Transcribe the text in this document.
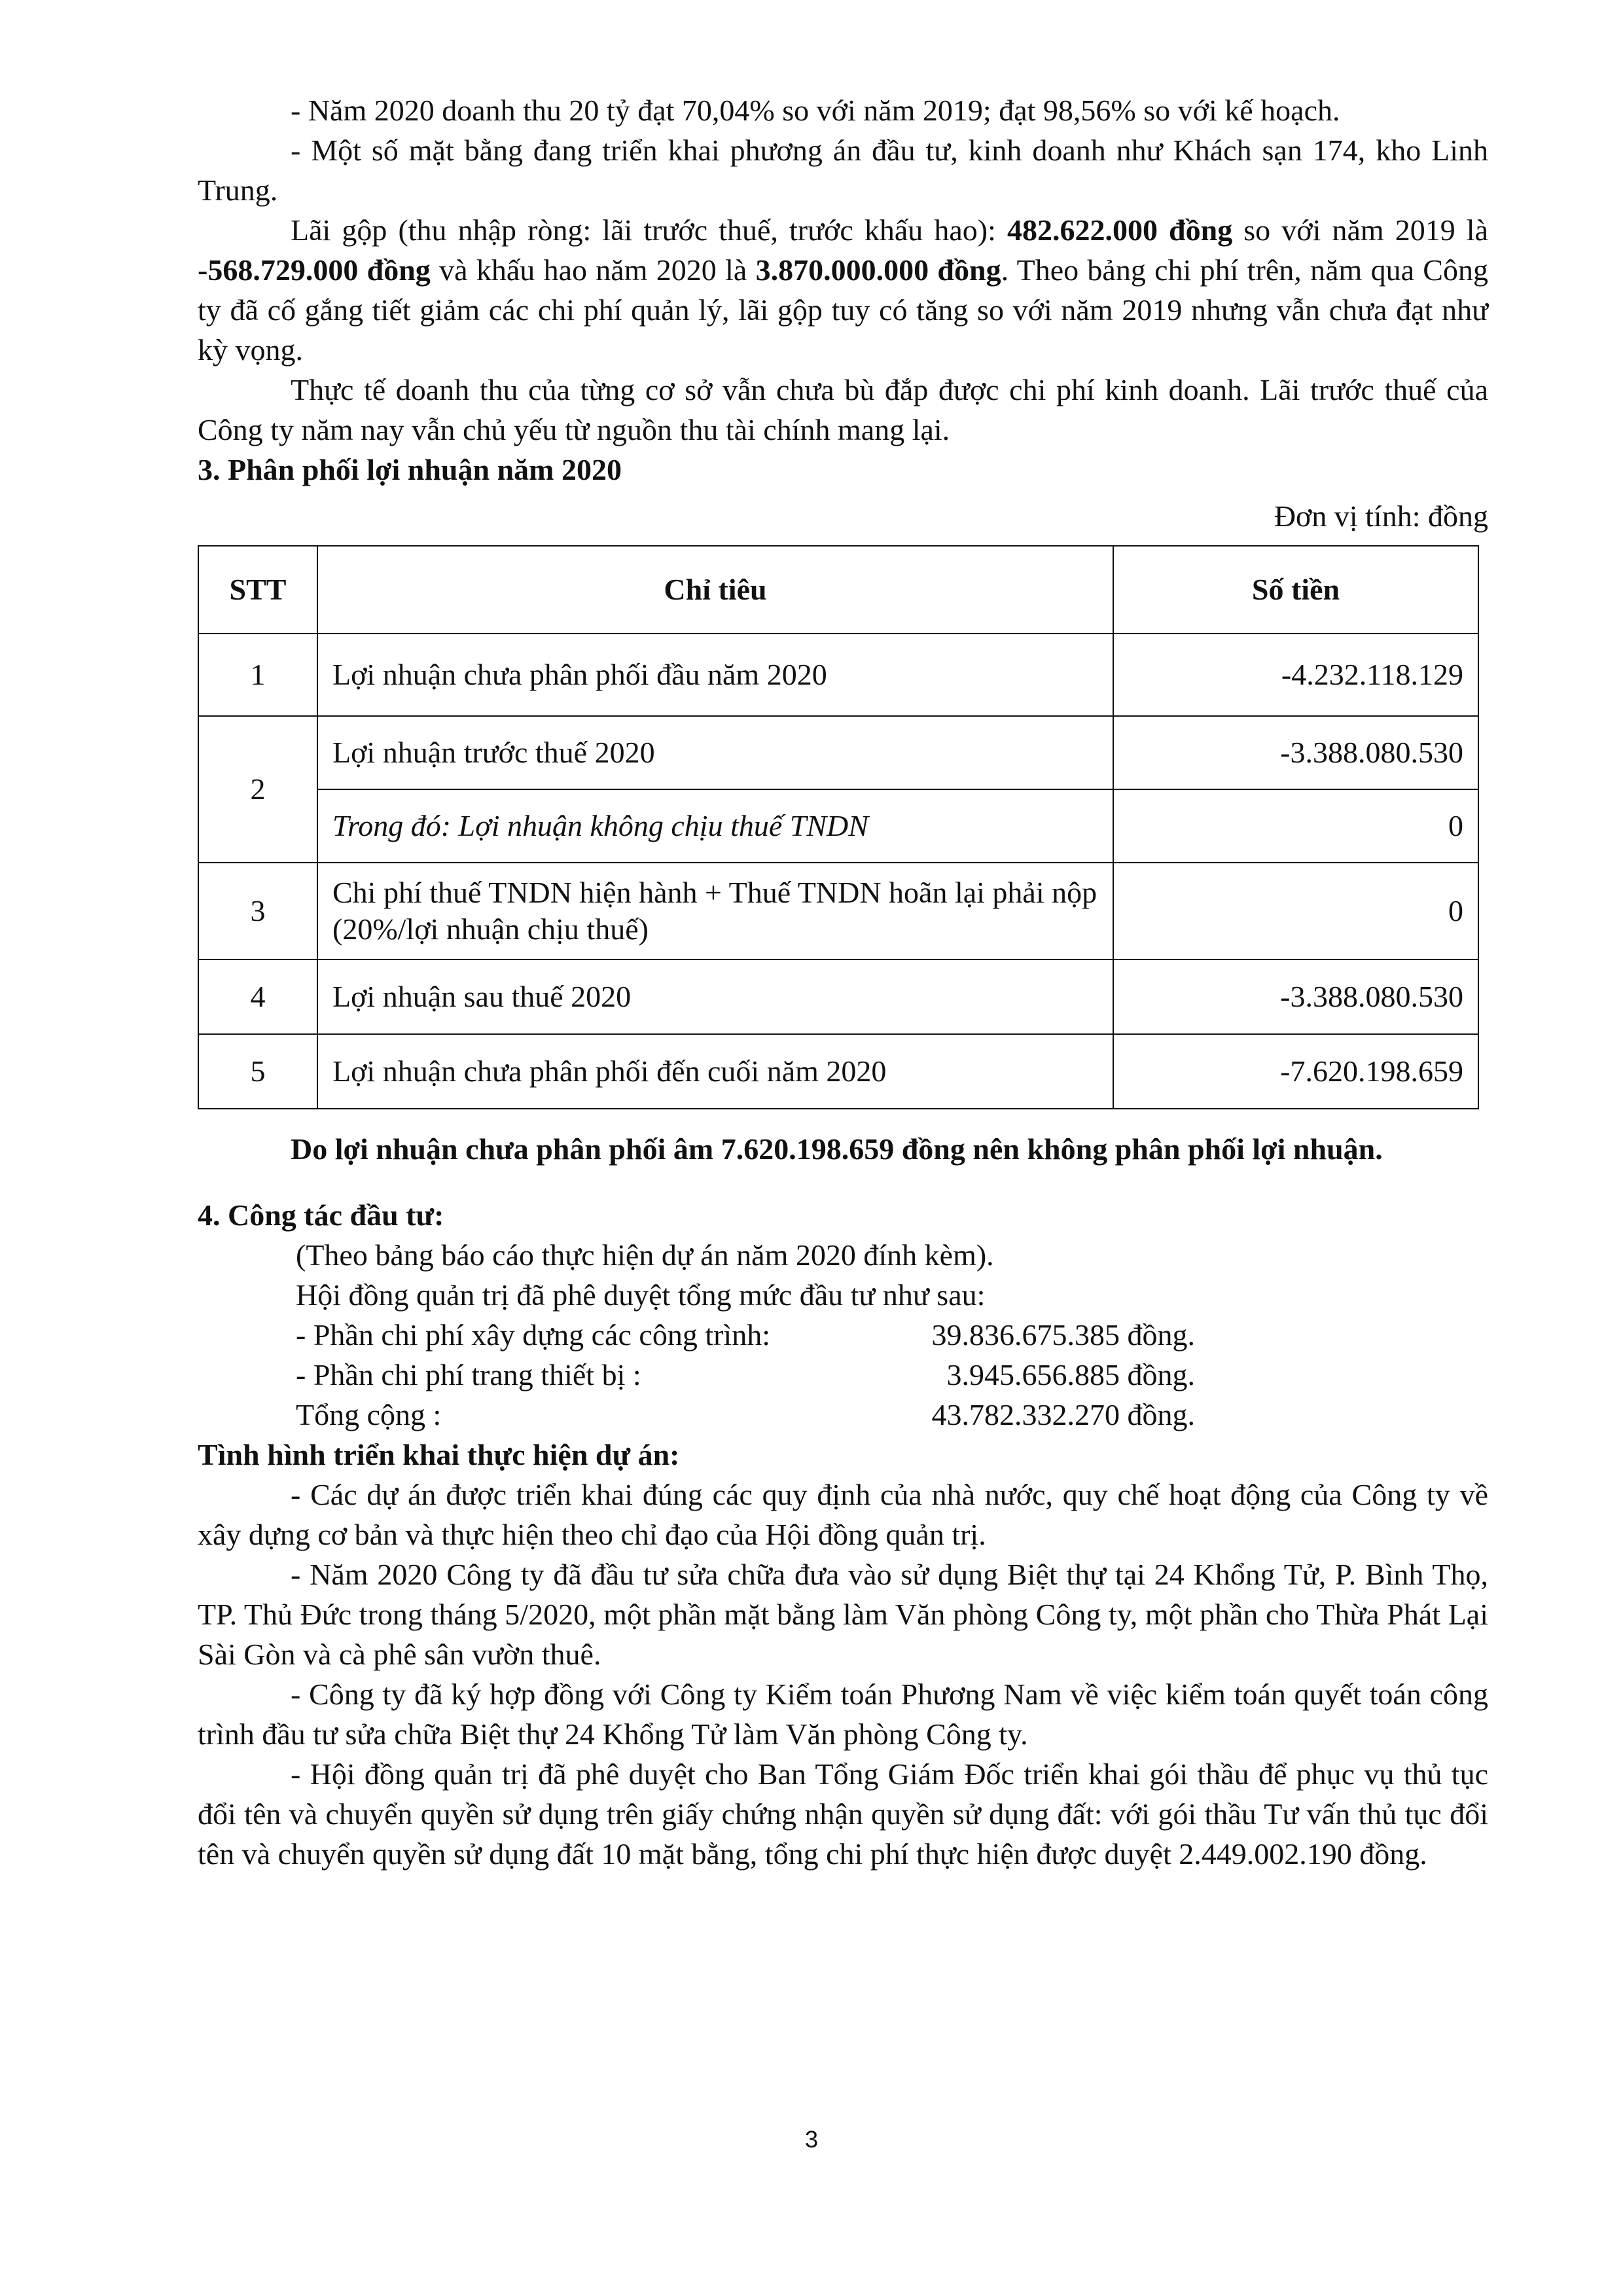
- Năm 2020 doanh thu 20 tỷ đạt 70,04% so với năm 2019; đạt 98,56% so với kế hoạch.

- Một số mặt bằng đang triển khai phương án đầu tư, kinh doanh như Khách sạn 174, kho Linh Trung.

Lãi gộp (thu nhập ròng: lãi trước thuế, trước khấu hao): 482.622.000 đồng so với năm 2019 là -568.729.000 đồng và khấu hao năm 2020 là 3.870.000.000 đồng. Theo bảng chi phí trên, năm qua Công ty đã cố gắng tiết giảm các chi phí quản lý, lãi gộp tuy có tăng so với năm 2019 nhưng vẫn chưa đạt như kỳ vọng.

Thực tế doanh thu của từng cơ sở vẫn chưa bù đắp được chi phí kinh doanh. Lãi trước thuế của Công ty năm nay vẫn chủ yếu từ nguồn thu tài chính mang lại.

3. Phân phối lợi nhuận năm 2020

Đơn vị tính: đồng

STT	Chỉ tiêu	Số tiền
1	Lợi nhuận chưa phân phối đầu năm 2020	-4.232.118.129
2	Lợi nhuận trước thuế 2020	-3.388.080.530
	Trong đó: Lợi nhuận không chịu thuế TNDN	0
3	Chi phí thuế TNDN hiện hành + Thuế TNDN hoãn lại phải nộp (20%/lợi nhuận chịu thuế)	0
4	Lợi nhuận sau thuế 2020	-3.388.080.530
5	Lợi nhuận chưa phân phối đến cuối năm 2020	-7.620.198.659

Do lợi nhuận chưa phân phối âm 7.620.198.659 đồng nên không phân phối lợi nhuận.

4. Công tác đầu tư:

(Theo bảng báo cáo thực hiện dự án năm 2020 đính kèm).

Hội đồng quản trị đã phê duyệt tổng mức đầu tư như sau:

- Phần chi phí xây dựng các công trình:	39.836.675.385 đồng.
- Phần chi phí trang thiết bị :	3.945.656.885 đồng.
Tổng cộng :	43.782.332.270 đồng.

Tình hình triển khai thực hiện dự án:

- Các dự án được triển khai đúng các quy định của nhà nước, quy chế hoạt động của Công ty về xây dựng cơ bản và thực hiện theo chỉ đạo của Hội đồng quản trị.

- Năm 2020 Công ty đã đầu tư sửa chữa đưa vào sử dụng Biệt thự tại 24 Khổng Tử, P. Bình Thọ, TP. Thủ Đức trong tháng 5/2020, một phần mặt bằng làm Văn phòng Công ty, một phần cho Thừa Phát Lại Sài Gòn và cà phê sân vườn thuê.

- Công ty đã ký hợp đồng với Công ty Kiểm toán Phương Nam về việc kiểm toán quyết toán công trình đầu tư sửa chữa Biệt thự 24 Khổng Tử làm Văn phòng Công ty.

- Hội đồng quản trị đã phê duyệt cho Ban Tổng Giám Đốc triển khai gói thầu để phục vụ thủ tục đổi tên và chuyển quyền sử dụng trên giấy chứng nhận quyền sử dụng đất: với gói thầu Tư vấn thủ tục đổi tên và chuyển quyền sử dụng đất 10 mặt bằng, tổng chi phí thực hiện được duyệt 2.449.002.190 đồng.

3
